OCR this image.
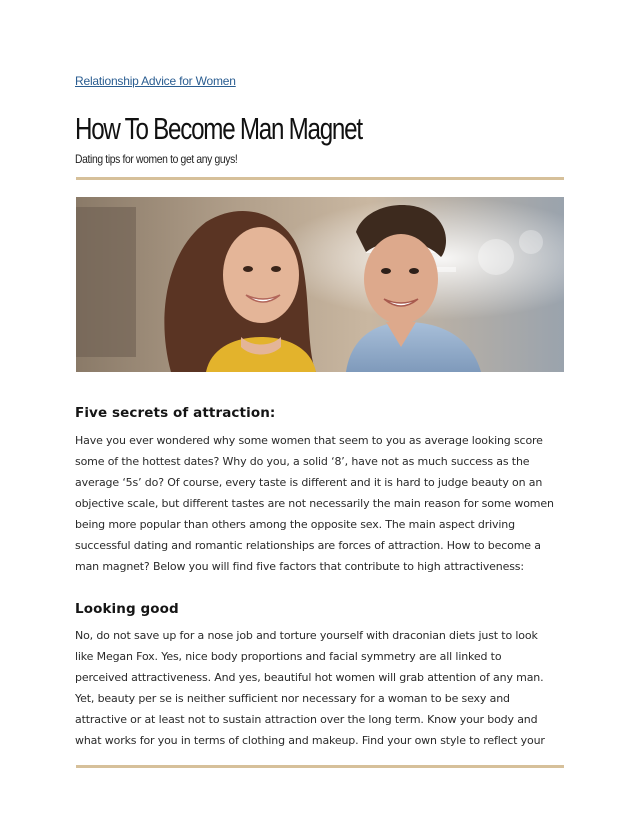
Relationship Advice for Women
How To Become Man Magnet
Dating tips for women to get any guys!
Five secrets of attraction:

Have you ever wondered why some women that seem to you as average looking score
some of the hottest dates? Why do you, a solid ‘8’, have not as much success as the
average ‘5s’ do? Of course, every taste is different and it is hard to judge beauty on an
objective scale, but different tastes are not necessarily the main reason for some women
being more popular than others among the opposite sex. The main aspect driving
successful dating and romantic relationships are forces of attraction. How to become a
man magnet? Below you will find five factors that contribute to high attractiveness:

Looking good

No, do not save up for a nose job and torture yourself with draconian diets just to look
like Megan Fox. Yes, nice body proportions and facial symmetry are all linked to
perceived attractiveness. And yes, beautiful hot women will grab attention of any man.
Yet, beauty per se is neither sufficient nor necessary for a woman to be sexy and
attractive or at least not to sustain attraction over the long term. Know your body and
what works for you in terms of clothing and makeup. Find your own style to reflect your
